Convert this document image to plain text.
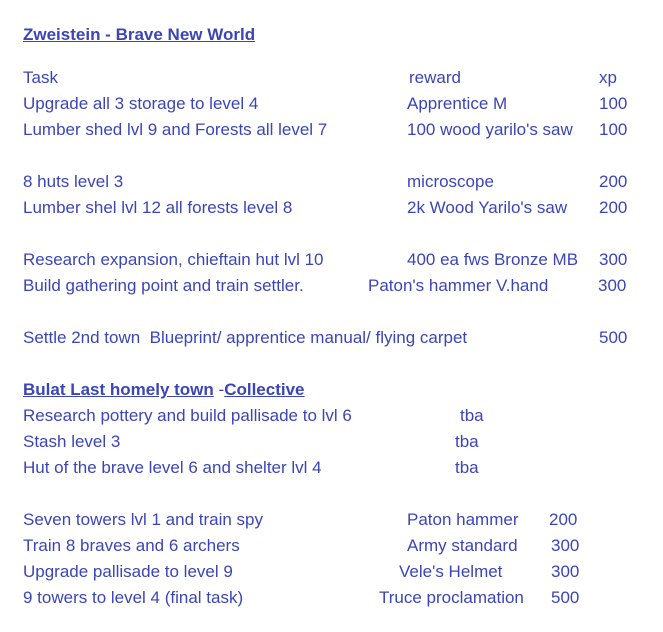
Zweistein - Brave New World
Task	reward	xp
Upgrade all 3 storage to level 4	Apprentice M	100
Lumber shed lvl 9 and Forests all level 7	100 wood yarilo's saw 100
8 huts level 3	microscope	200
Lumber shel lvl 12 all forests level 8	2k Wood Yarilo's saw 200
Research expansion, chieftain hut lvl 10	400 ea fws Bronze MB 300
Build gathering point and train settler.	Paton's hammer V.hand	300
Settle 2nd town  Blueprint/ apprentice manual/ flying carpet	500
Bulat Last homely town -Collective
Research pottery and build pallisade to lvl 6	tba
Stash level 3	tba
Hut of the brave level 6 and shelter lvl 4	tba
Seven towers lvl 1 and train spy	Paton hammer 200
Train 8 braves and 6 archers	Army standard 300
Upgrade pallisade to level 9	Vele's Helmet	300
9 towers to level 4 (final task)	Truce proclamation 500
